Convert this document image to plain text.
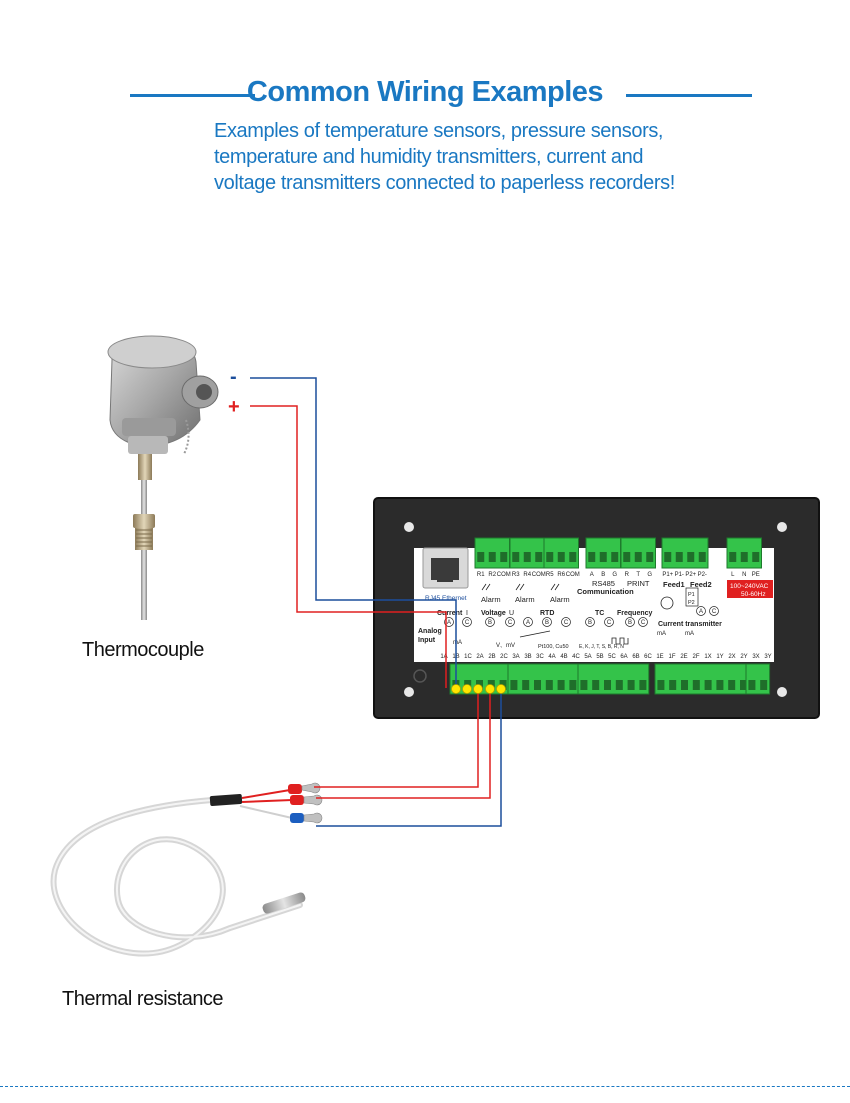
Common Wiring Examples
Examples of temperature sensors, pressure sensors,
temperature and humidity transmitters, current and
voltage transmitters connected to paperless recorders!
Thermocouple
-
+
R1 R2 COM R3 R4 COM R5 R6 COM A B G R T G P1+ P1- P2+ P2-	L N PE
1A 1B 1C 2A 2B 2C 3A 3B 3C 4A 4B 4C 5A 5B 5C 6A 6B 6C 1E 1F 2E 2F 1X 1Y 2X 2Y 3X 3Y
Alarm Alarm Alarm
RS485 PRINT
Communication
Feed1 Feed2	100~240VAC
50-60Hz
RJ45 Ethernet
Current I Voltage U	RTD	TC Frequency
Current transmitter
Analog
Input	mA	V、mV	Pt100, Cu50 E, K, J, T, S, B, R, N
mA	mA
P1
P2
A C	B	C A B C	B C	B C
A C
Thermal resistance
